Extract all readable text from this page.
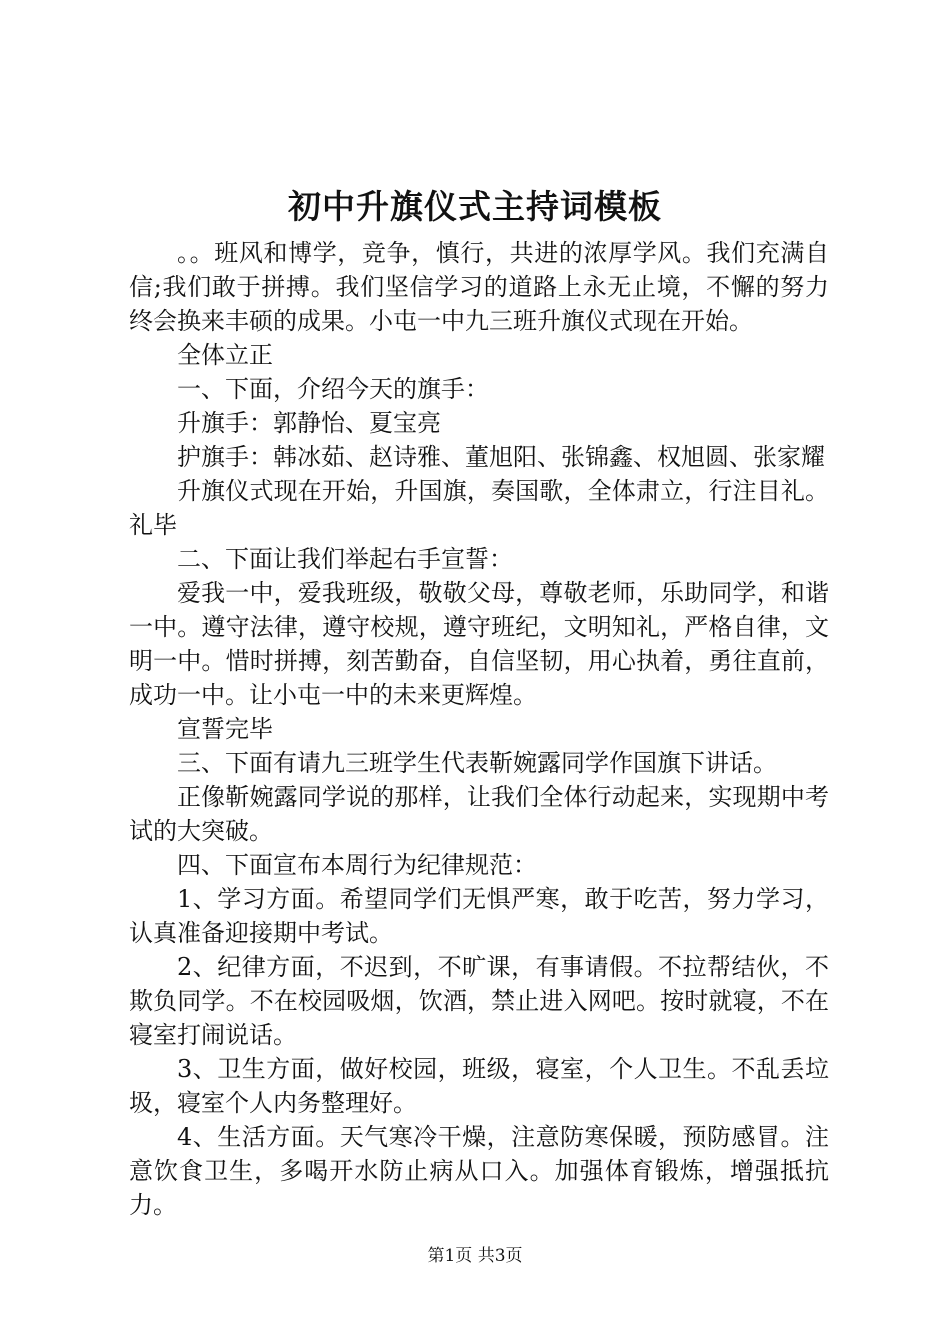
初中升旗仪式主持词模板

。。班风和博学，竞争，慎行，共进的浓厚学风。我们充满自信;我们敢于拼搏。我们坚信学习的道路上永无止境，不懈的努力终会换来丰硕的成果。小屯一中九三班升旗仪式现在开始。

全体立正

一、下面，介绍今天的旗手：

升旗手：郭静怡、夏宝亮

护旗手：韩冰茹、赵诗雅、董旭阳、张锦鑫、权旭圆、张家耀

升旗仪式现在开始，升国旗，奏国歌，全体肃立，行注目礼。礼毕

二、下面让我们举起右手宣誓：

爱我一中，爱我班级，敬敬父母，尊敬老师，乐助同学，和谐一中。遵守法律，遵守校规，遵守班纪，文明知礼，严格自律，文明一中。惜时拼搏，刻苦勤奋，自信坚韧，用心执着，勇往直前，成功一中。让小屯一中的未来更辉煌。

宣誓完毕

三、下面有请九三班学生代表靳婉露同学作国旗下讲话。

正像靳婉露同学说的那样，让我们全体行动起来，实现期中考试的大突破。

四、下面宣布本周行为纪律规范：

1、学习方面。希望同学们无惧严寒，敢于吃苦，努力学习，认真准备迎接期中考试。

2、纪律方面，不迟到，不旷课，有事请假。不拉帮结伙，不欺负同学。不在校园吸烟，饮酒，禁止进入网吧。按时就寝，不在寝室打闹说话。

3、卫生方面，做好校园，班级，寝室，个人卫生。不乱丢垃圾，寝室个人内务整理好。

4、生活方面。天气寒冷干燥，注意防寒保暖，预防感冒。注意饮食卫生，多喝开水防止病从口入。加强体育锻炼，增强抵抗力。

第1页 共3页
